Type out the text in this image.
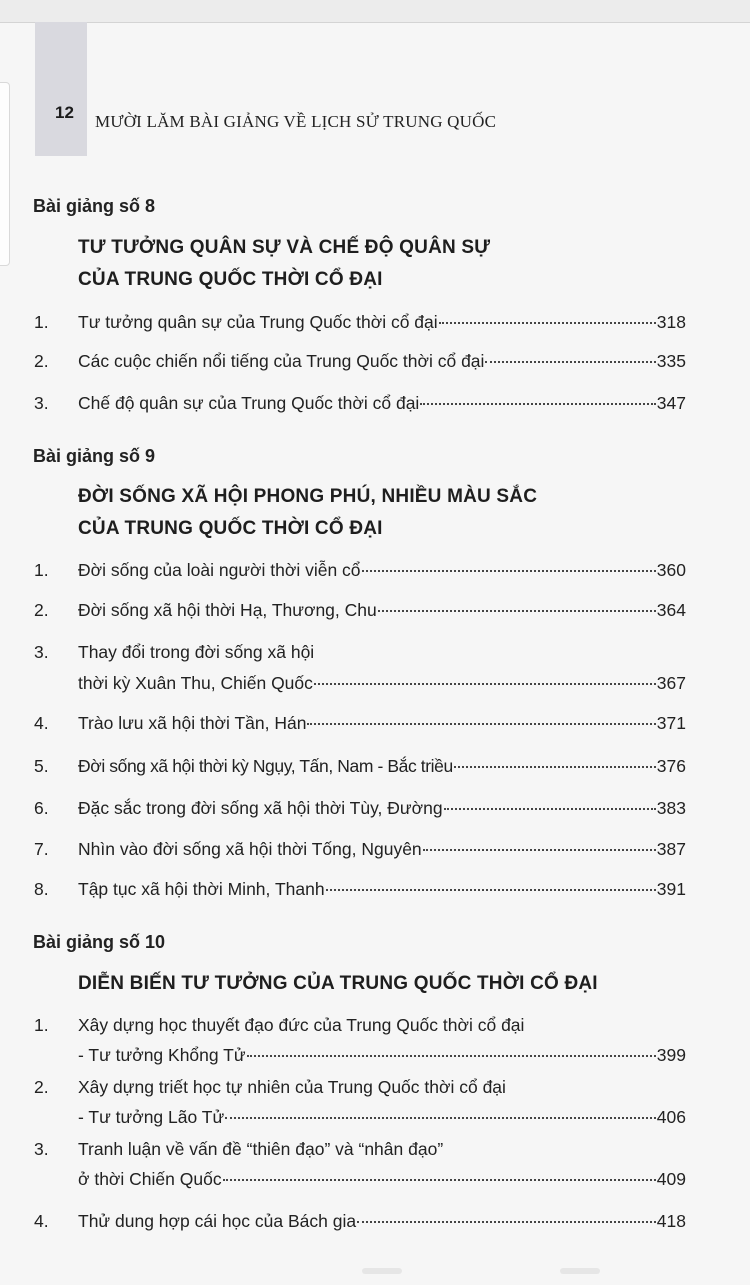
12 MƯỜI LĂM BÀI GIẢNG VỀ LỊCH SỬ TRUNG QUỐC
Bài giảng số 8
TƯ TƯỞNG QUÂN SỰ VÀ CHẾ ĐỘ QUÂN SỰ
CỦA TRUNG QUỐC THỜI CỔ ĐẠI
1. Tư tưởng quân sự của Trung Quốc thời cổ đại	318
2. Các cuộc chiến nổi tiếng của Trung Quốc thời cổ đại	335
3. Chế độ quân sự của Trung Quốc thời cổ đại	347
Bài giảng số 9
ĐỜI SỐNG XÃ HỘI PHONG PHÚ, NHIỀU MÀU SẮC
CỦA TRUNG QUỐC THỜI CỔ ĐẠI
1. Đời sống của loài người thời viễn cổ	360
2. Đời sống xã hội thời Hạ, Thương, Chu	364
3. Thay đổi trong đời sống xã hội
thời kỳ Xuân Thu, Chiến Quốc	367
4. Trào lưu xã hội thời Tần, Hán	371
5. Đời sống xã hội thời kỳ Ngụy, Tấn, Nam - Bắc triều	376
6. Đặc sắc trong đời sống xã hội thời Tùy, Đường	383
7. Nhìn vào đời sống xã hội thời Tống, Nguyên	387
8. Tập tục xã hội thời Minh, Thanh	391
Bài giảng số 10
DIỄN BIẾN TƯ TƯỞNG CỦA TRUNG QUỐC THỜI CỔ ĐẠI
1. Xây dựng học thuyết đạo đức của Trung Quốc thời cổ đại
- Tư tưởng Khổng Tử	399
2. Xây dựng triết học tự nhiên của Trung Quốc thời cổ đại
- Tư tưởng Lão Tử	406
3. Tranh luận về vấn đề “thiên đạo” và “nhân đạo”
ở thời Chiến Quốc	409
4. Thử dung hợp cái học của Bách gia	418
